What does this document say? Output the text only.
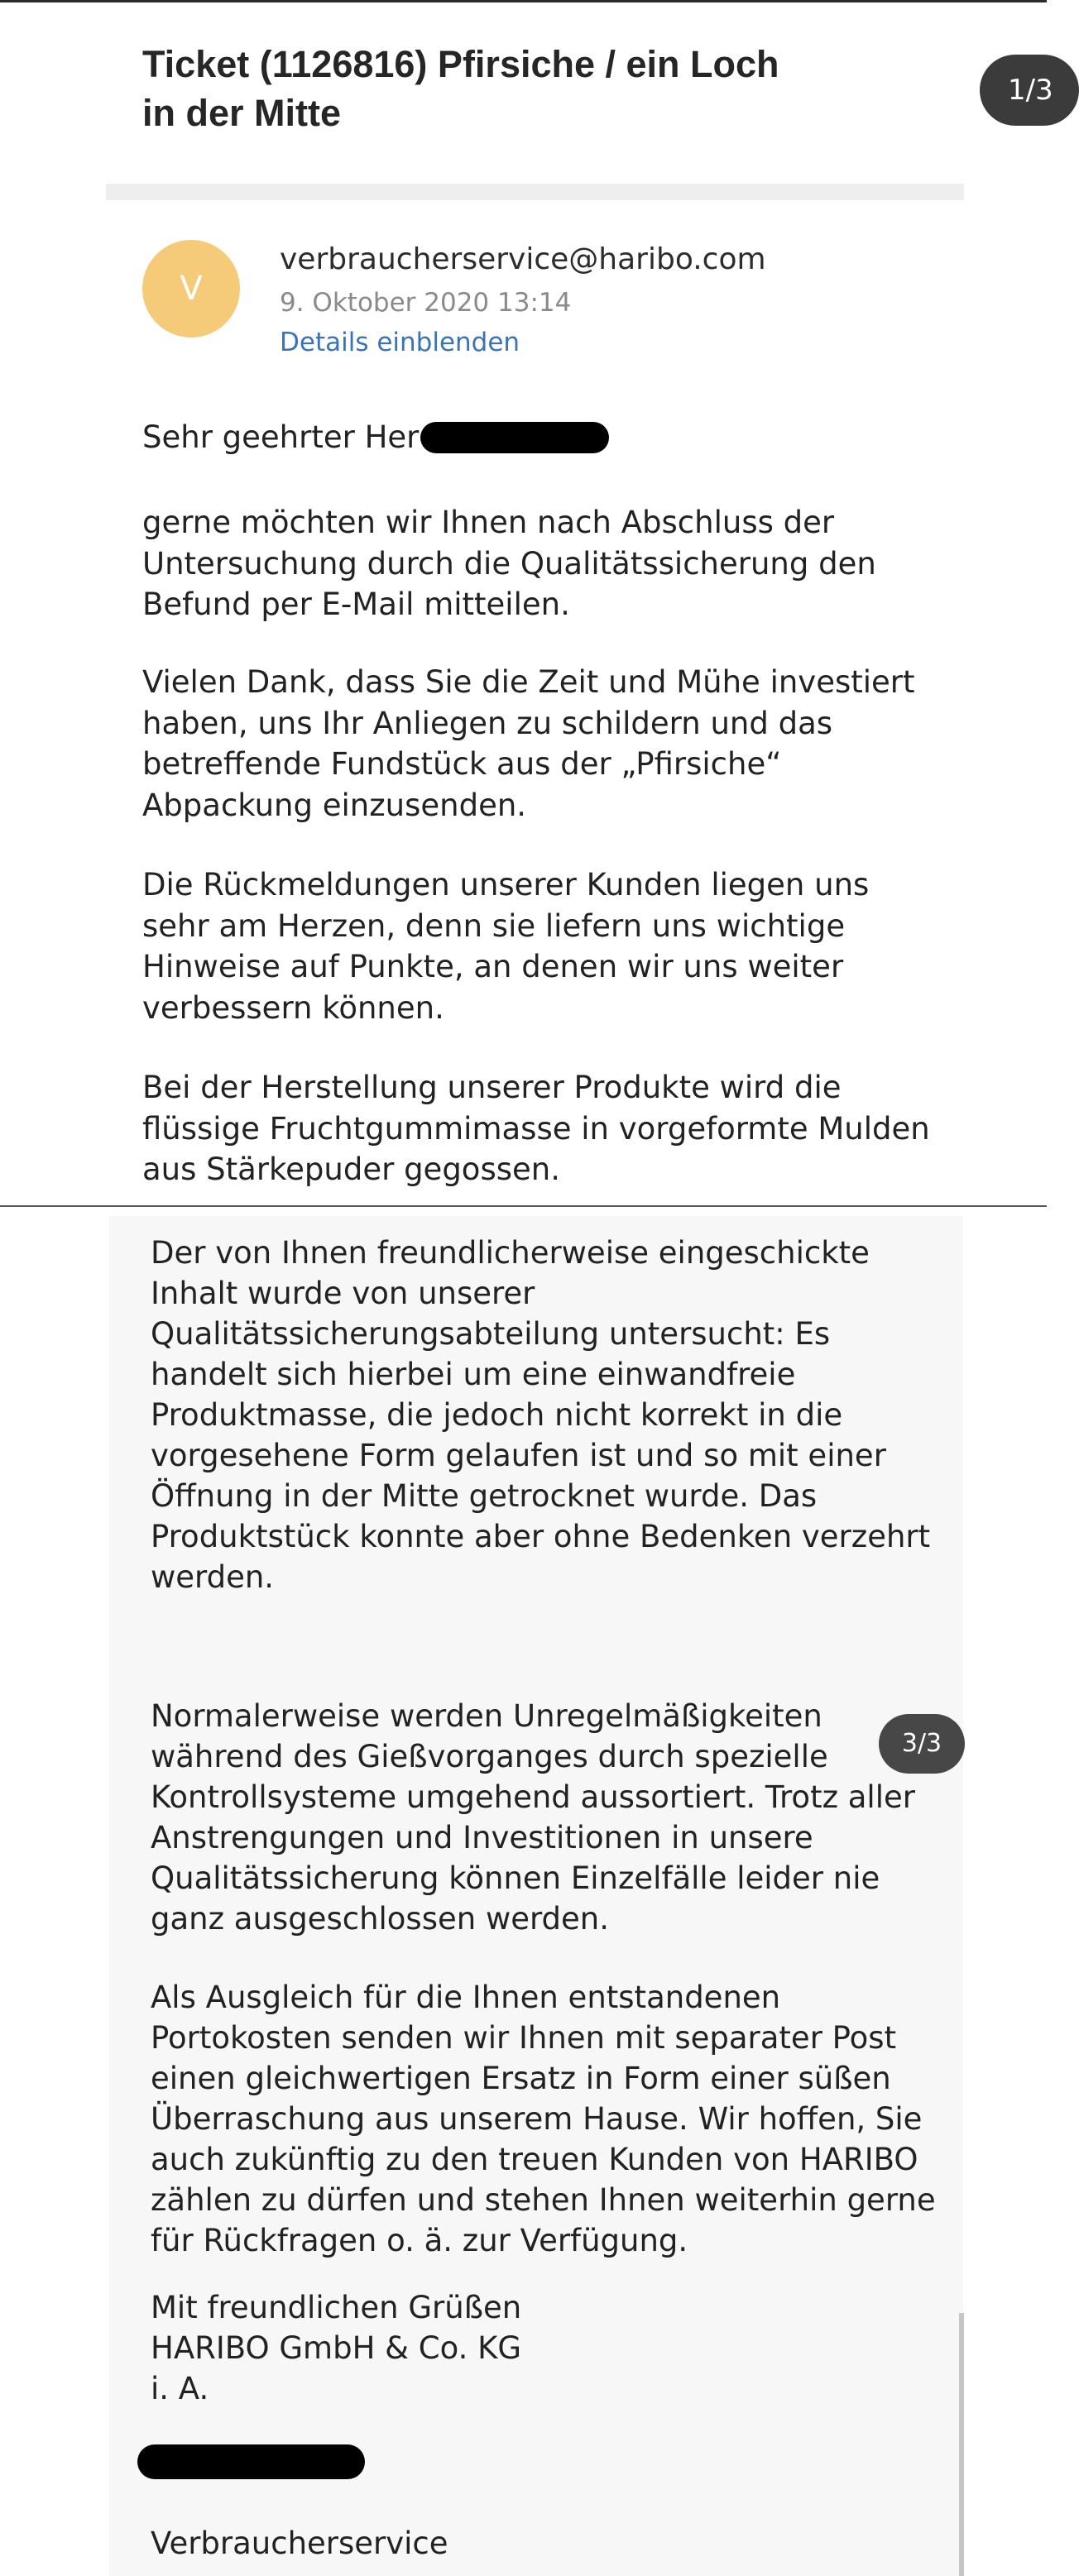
Ticket (1126816) Pfirsiche / ein Loch in der Mitte
1/3
V
verbraucherservice@haribo.com
9. Oktober 2020 13:14
Details einblenden
Sehr geehrter Her

gerne möchten wir Ihnen nach Abschluss der
Untersuchung durch die Qualitätssicherung den
Befund per E-Mail mitteilen.

Vielen Dank, dass Sie die Zeit und Mühe investiert
haben, uns Ihr Anliegen zu schildern und das
betreffende Fundstück aus der „Pfirsiche“
Abpackung einzusenden.

Die Rückmeldungen unserer Kunden liegen uns
sehr am Herzen, denn sie liefern uns wichtige
Hinweise auf Punkte, an denen wir uns weiter
verbessern können.

Bei der Herstellung unserer Produkte wird die
flüssige Fruchtgummimasse in vorgeformte Mulden
aus Stärkepuder gegossen.

Der von Ihnen freundlicherweise eingeschickte
Inhalt wurde von unserer
Qualitätssicherungsabteilung untersucht: Es
handelt sich hierbei um eine einwandfreie
Produktmasse, die jedoch nicht korrekt in die
vorgesehene Form gelaufen ist und so mit einer
Öffnung in der Mitte getrocknet wurde. Das
Produktstück konnte aber ohne Bedenken verzehrt
werden.

Normalerweise werden Unregelmäßigkeiten
während des Gießvorganges durch spezielle
Kontrollsysteme umgehend aussortiert. Trotz aller
Anstrengungen und Investitionen in unsere
Qualitätssicherung können Einzelfälle leider nie
ganz ausgeschlossen werden.

3/3

Als Ausgleich für die Ihnen entstandenen
Portokosten senden wir Ihnen mit separater Post
einen gleichwertigen Ersatz in Form einer süßen
Überraschung aus unserem Hause. Wir hoffen, Sie
auch zukünftig zu den treuen Kunden von HARIBO
zählen zu dürfen und stehen Ihnen weiterhin gerne
für Rückfragen o. ä. zur Verfügung.

Mit freundlichen Grüßen
HARIBO GmbH & Co. KG
i. A.

Verbraucherservice
